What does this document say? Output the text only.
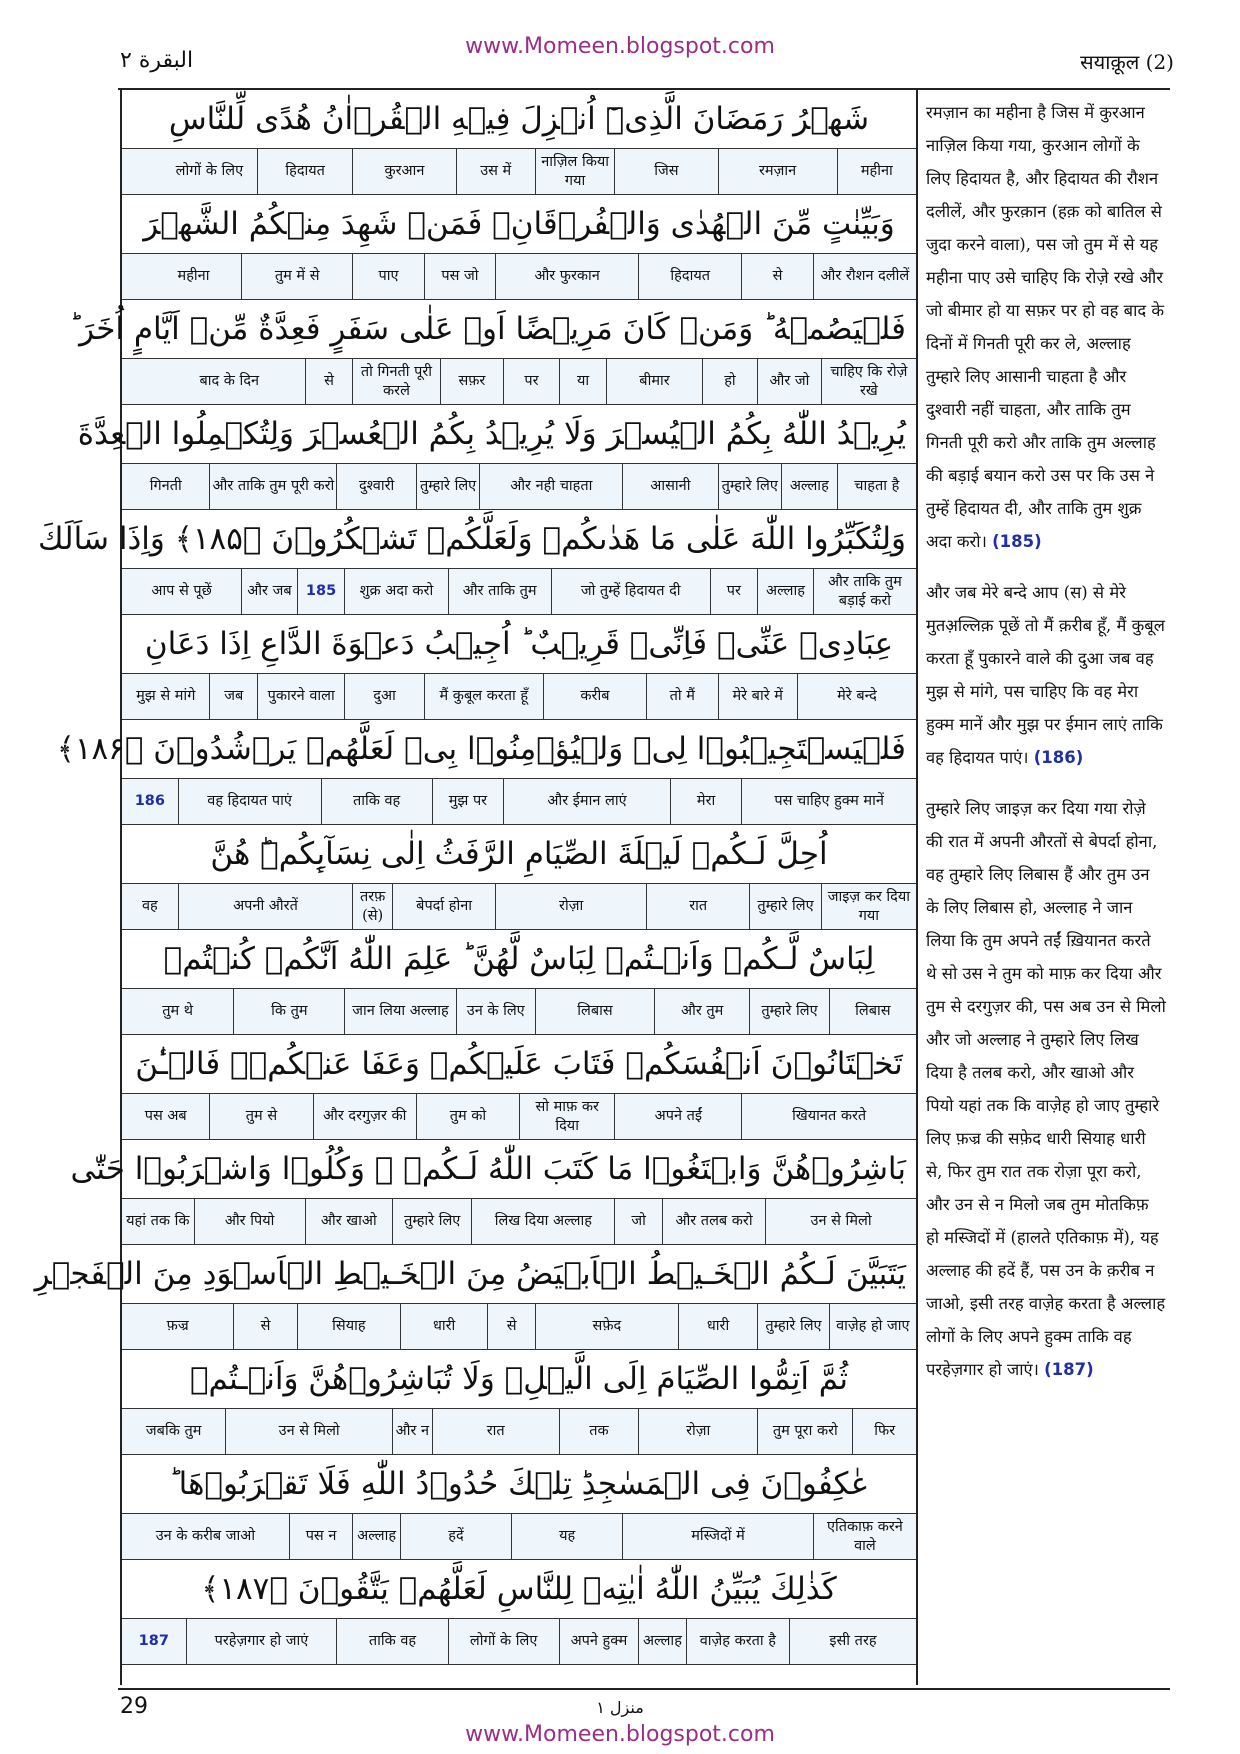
www.Momeen.blogspot.com
البقرة ٢	सयाक़ूल (2)
شَهۡرُ رَمَضَانَ الَّذِىۡٓ اُنۡزِلَ فِيۡهِ الۡقُرۡاٰنُ هُدًى لِّلنَّاسِ
महीना
रमज़ान
जिस
नाज़िल किया गया
उस में
कुरआन
हिदायत
लोगों के लिए
وَبَيِّنٰتٍ مِّنَ الۡهُدٰى وَالۡفُرۡقَانِ‌ۚ فَمَنۡ شَهِدَ مِنۡكُمُ الشَّهۡرَ
और रौशन दलीलें
से
हिदायत
और फुरकान
पस जो
पाए
तुम में से
महीना
فَلۡيَصُمۡهُ‌ ؕ وَمَنۡ كَانَ مَرِيۡضًا اَوۡ عَلٰى سَفَرٍ فَعِدَّةٌ مِّنۡ اَيَّامٍ اُخَرَ‌ ؕ
चाहिए कि रोज़े रखे
और जो
हो
बीमार
या
पर
सफ़र
तो गिनती पूरी करले
से
बाद के दिन
يُرِيۡدُ اللّٰهُ بِكُمُ الۡيُسۡرَ وَلَا يُرِيۡدُ بِكُمُ الۡعُسۡرَ وَلِتُكۡمِلُوا الۡعِدَّةَ
चाहता है
अल्लाह
तुम्हारे लिए
आसानी
और नही चाहता
तुम्हारे लिए
दुश्वारी
और ताकि तुम पूरी करो
गिनती
وَلِتُكَبِّرُوا اللّٰهَ عَلٰى مَا هَدٰٮكُمۡ وَلَعَلَّكُمۡ تَشۡكُرُوۡنَ ﴿۱۸۵﴾ وَاِذَا سَاَلَكَ
और ताकि तुम बड़ाई करो
अल्लाह
पर
जो तुम्हें हिदायत दी
और ताकि तुम
शुक्र अदा करो
185
और जब
आप से पूछें
عِبَادِىۡ عَنِّىۡ فَاِنِّىۡ قَرِيۡبٌ ‌ؕ اُجِيۡبُ دَعۡوَةَ الدَّاعِ اِذَا دَعَانِ
मेरे बन्दे
मेरे बारे में
तो मैं
करीब
मैं कुबूल करता हूँ
दुआ
पुकारने वाला
जब
मुझ से मांगे
فَلۡيَسۡتَجِيۡبُوۡا لِىۡ وَلۡيُؤۡمِنُوۡا بِىۡ لَعَلَّهُمۡ يَرۡشُدُوۡنَ ﴿۱۸۶﴾
पस चाहिए हुक्म मानें
मेरा
और ईमान लाएं
मुझ पर
ताकि वह
वह हिदायत पाएं
186
اُحِلَّ لَـكُمۡ لَيۡلَةَ الصِّيَامِ الرَّفَثُ اِلٰى نِسَآٮِٕكُمۡ‌ؕ هُنَّ
जाइज़ कर दिया गया
तुम्हारे लिए
रात
रोज़ा
बेपर्दा होना
तरफ़ (से)
अपनी औरतें
वह
لِبَاسٌ لَّـكُمۡ وَاَنۡـتُمۡ لِبَاسٌ لَّهُنَّ ‌ؕ عَلِمَ اللّٰهُ اَنَّكُمۡ كُنۡتُمۡ
लिबास
तुम्हारे लिए
और तुम
लिबास
उन के लिए
जान लिया अल्लाह
कि तुम
तुम थे
تَخۡتَانُوۡنَ اَنۡفُسَكُمۡ فَتَابَ عَلَيۡكُمۡ وَعَفَا عَنۡكُمۡ‌ۚ فَالۡـٰٔنَ
खियानत करते
अपने तईं
सो माफ़ कर दिया
तुम को
और दरगुज़र की
तुम से
पस अब
بَاشِرُوۡهُنَّ وَابۡتَغُوۡا مَا كَتَبَ اللّٰهُ لَـكُمۡ‌ ۚ وَكُلُوۡا وَاشۡرَبُوۡا حَتّٰى
उन से मिलो
और तलब करो
जो
लिख दिया अल्लाह
तुम्हारे लिए
और खाओ
और पियो
यहां तक कि
يَتَبَيَّنَ لَـكُمُ الۡخَـيۡطُ الۡاَبۡيَضُ مِنَ الۡخَـيۡطِ الۡاَسۡوَدِ مِنَ الۡفَجۡرِ‌
वाज़ेह हो जाए
तुम्हारे लिए
धारी
सफ़ेद
से
धारी
सियाह
से
फ़ज्र
ثُمَّ اَتِمُّوا الصِّيَامَ اِلَى الَّيۡلِ‌ۚ وَلَا تُبَاشِرُوۡهُنَّ وَاَنۡـتُمۡ
फिर
तुम पूरा करो
रोज़ा
तक
रात
और न
उन से मिलो
जबकि तुम
عٰكِفُوۡنَ فِى الۡمَسٰجِدِ‌ؕ تِلۡكَ حُدُوۡدُ اللّٰهِ فَلَا تَقۡرَبُوۡهَا ‌ؕ
एतिकाफ़ करने वाले
मस्जिदों में
यह
हदें
अल्लाह
पस न
उन के करीब जाओ
كَذٰلِكَ يُبَيِّنُ اللّٰهُ اٰيٰتِهٖ لِلنَّاسِ لَعَلَّهُمۡ يَتَّقُوۡنَ ﴿۱۸۷﴾
इसी तरह
वाज़ेह करता है
अल्लाह
अपने हुक्म
लोगों के लिए
ताकि वह
परहेज़गार हो जाएं
187

रमज़ान का महीना है जिस में कुरआन नाज़िल किया गया, कुरआन लोगों के लिए हिदायत है, और हिदायत की रौशन दलीलें, और फुरक़ान (हक़ को बातिल से जुदा करने वाला), पस जो तुम में से यह महीना पाए उसे चाहिए कि रोज़े रखे और जो बीमार हो या सफ़र पर हो वह बाद के दिनों में गिनती पूरी कर ले, अल्लाह तुम्हारे लिए आसानी चाहता है और दुश्वारी नहीं चाहता, और ताकि तुम गिनती पूरी करो और ताकि तुम अल्लाह की बड़ाई बयान करो उस पर कि उस ने तुम्हें हिदायत दी, और ताकि तुम शुक्र अदा करो। (185)

और जब मेरे बन्दे आप (स) से मेरे मुतअ़ल्लिक़ पूछें तो मैं क़रीब हूँ, मैं कुबूल करता हूँ पुकारने वाले की दुआ जब वह मुझ से मांगे, पस चाहिए कि वह मेरा हुक्म मानें और मुझ पर ईमान लाएं ताकि वह हिदायत पाएं। (186)

तुम्हारे लिए जाइज़ कर दिया गया रोज़े की रात में अपनी औरतों से बेपर्दा होना, वह तुम्हारे लिए लिबास हैं और तुम उन के लिए लिबास हो, अल्लाह ने जान लिया कि तुम अपने तईं ख़ियानत करते थे सो उस ने तुम को माफ़ कर दिया और तुम से दरगुज़र की, पस अब उन से मिलो और जो अल्लाह ने तुम्हारे लिए लिख दिया है तलब करो, और खाओ और पियो यहां तक कि वाज़ेह हो जाए तुम्हारे लिए फ़ज्र की सफ़ेद धारी सियाह धारी से, फिर तुम रात तक रोज़ा पूरा करो, और उन से न मिलो जब तुम मोतकिफ़ हो मस्जिदों में (हालते एतिकाफ़ में), यह अल्लाह की हदें हैं, पस उन के क़रीब न जाओ, इसी तरह वाज़ेह करता है अल्लाह लोगों के लिए अपने हुक्म ताकि वह परहेज़गार हो जाएं। (187)

29	منزل ١
www.Momeen.blogspot.com
